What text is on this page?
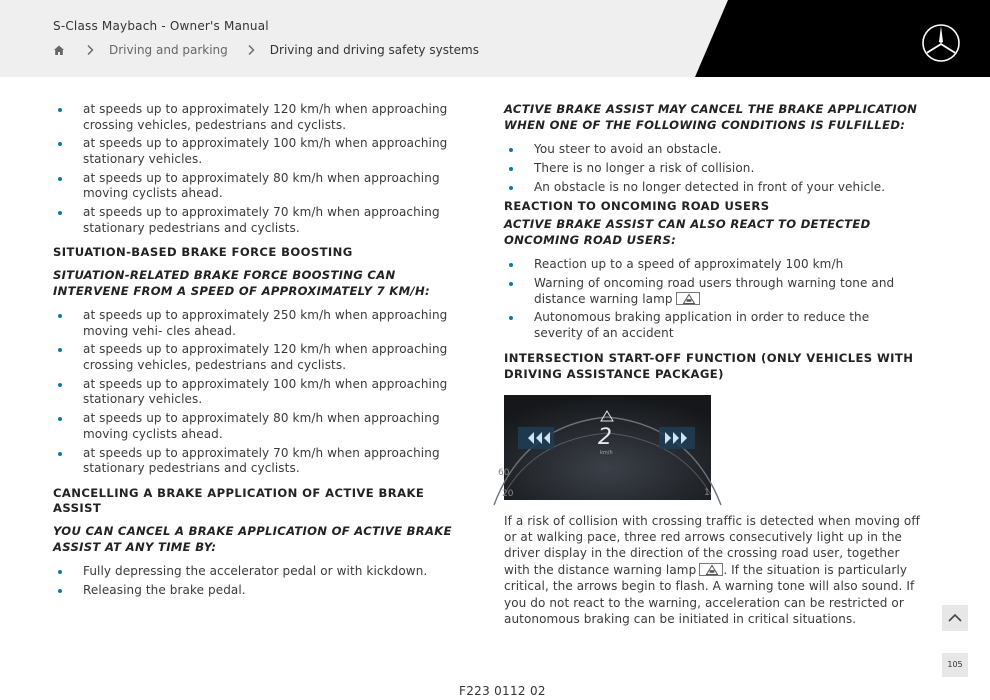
S-Class Maybach - Owner's Manual
Driving and parking	Driving and driving safety systems
at speeds up to approximately 120 km/h when approaching crossing vehicles, pedestrians and cyclists.
at speeds up to approximately 100 km/h when approaching stationary vehicles.
at speeds up to approximately 80 km/h when approaching moving cyclists ahead.
at speeds up to approximately 70 km/h when approaching stationary pedestrians and cyclists.
SITUATION-BASED BRAKE FORCE BOOSTING
SITUATION-RELATED BRAKE FORCE BOOSTING CAN INTERVENE FROM A SPEED OF APPROXIMATELY 7 KM/H:
at speeds up to approximately 250 km/h when approaching moving vehi- cles ahead.
at speeds up to approximately 120 km/h when approaching crossing vehicles, pedestrians and cyclists.
at speeds up to approximately 100 km/h when approaching stationary vehicles.
at speeds up to approximately 80 km/h when approaching moving cyclists ahead.
at speeds up to approximately 70 km/h when approaching stationary pedestrians and cyclists.
CANCELLING A BRAKE APPLICATION OF ACTIVE BRAKE ASSIST
YOU CAN CANCEL A BRAKE APPLICATION OF ACTIVE BRAKE ASSIST AT ANY TIME BY:
Fully depressing the accelerator pedal or with kickdown.
Releasing the brake pedal.
ACTIVE BRAKE ASSIST MAY CANCEL THE BRAKE APPLICATION WHEN ONE OF THE FOLLOWING CONDITIONS IS FULFILLED:
You steer to avoid an obstacle.
There is no longer a risk of collision.
An obstacle is no longer detected in front of your vehicle.
REACTION TO ONCOMING ROAD USERS
ACTIVE BRAKE ASSIST CAN ALSO REACT TO DETECTED ONCOMING ROAD USERS:
Reaction up to a speed of approximately 100 km/h
Warning of oncoming road users through warning tone and distance warning lamp
Autonomous braking application in order to reduce the severity of an accident
INTERSECTION START-OFF FUNCTION (ONLY VEHICLES WITH DRIVING ASSISTANCE PACKAGE)
60
20	1
2
km/h

If a risk of collision with crossing traffic is detected when moving off or at walking pace, three red arrows consecutively light up in the driver display in the direction of the crossing road user, together with the distance warning lamp . If the situation is particularly critical, the arrows begin to flash. A warning tone will also sound. If you do not react to the warning, acceleration can be restricted or autonomous braking can be initiated in critical situations.

105
F223 0112 02
